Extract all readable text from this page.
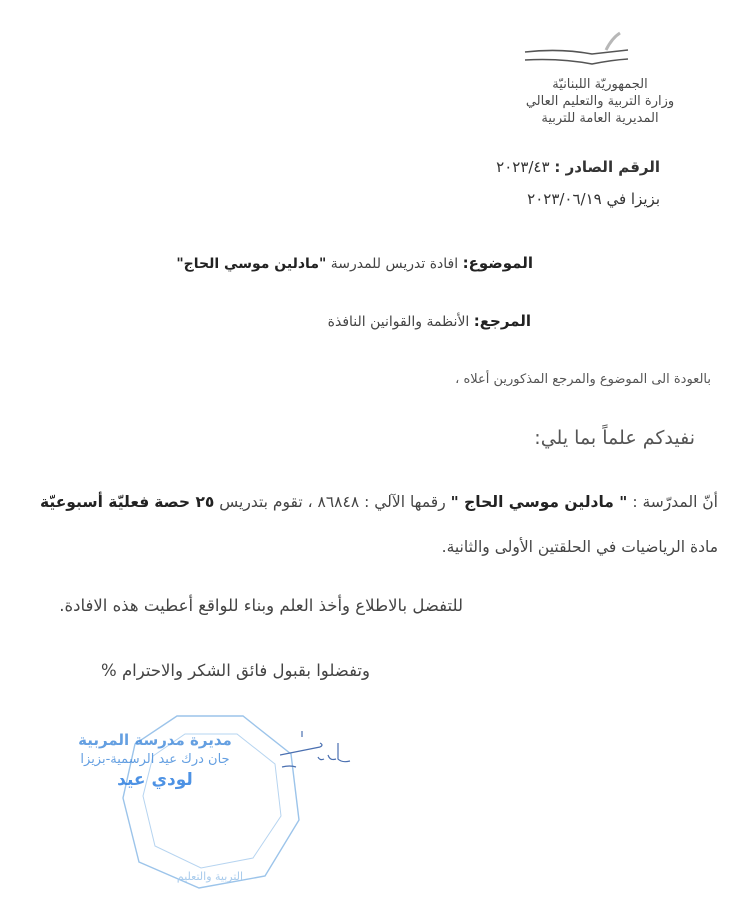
الجمهوريّة اللبنانيّة
وزارة التربية والتعليم العالي
المديرية العامة للتربية
الرقم الصادر : ٢٠٢٣/٤٣
بزيزا في ٢٠٢٣/٠٦/١٩
الموضوع: افادة تدريس للمدرسة "مادلين موسي الحاج"
المرجع: الأنظمة والقوانين النافذة
بالعودة الى الموضوع والمرجع المذكورين أعلاه ،
نفيدكم علماً بما يلي:
أنّ المدرّسة : " مادلين موسي الحاج " رقمها الآلي : ٨٦٨٤٨ ، تقوم بتدريس ٢٥ حصة فعليّة أسبوعيّة
مادة الرياضيات في الحلقتين الأولى والثانية.
للتفضل بالاطلاع وأخذ العلم وبناء للواقع أعطيت هذه الافادة.
وتفضلوا بقبول فائق الشكر والاحترام %
التربية والتعليم
مديرة مدرسة المربية
جان درك عيد الرسمية-بزيزا
لودي عيد
